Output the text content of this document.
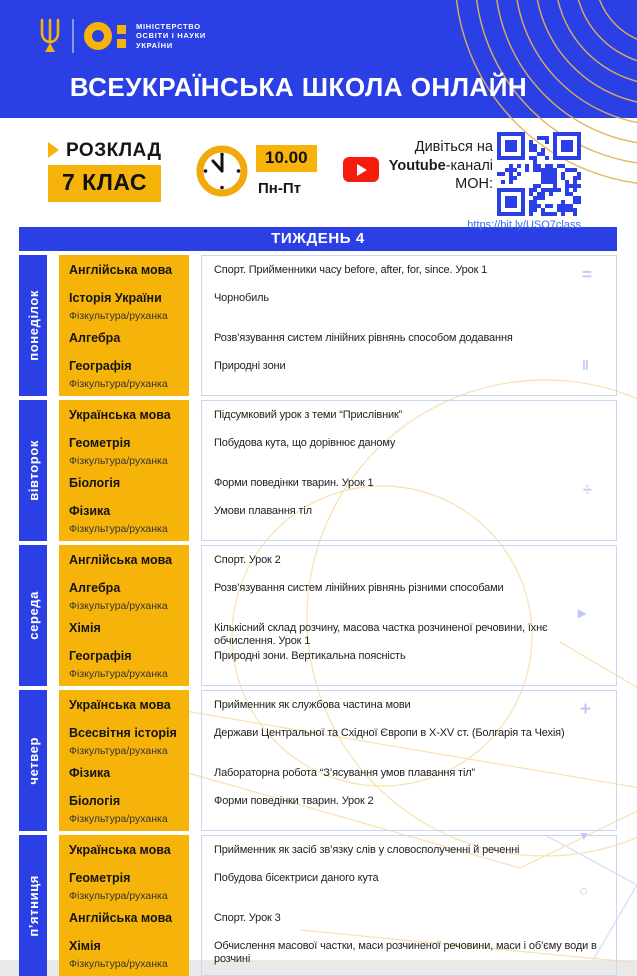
МІНІСТЕРСТВО
ОСВІТИ І НАУКИ
УКРАЇНИ
ВСЕУКРАЇНСЬКА ШКОЛА ОНЛАЙН
РОЗКЛАД
7 КЛАС
10.00
Пн-Пт
Дивіться на
Youtube-каналі
МОН:
https://bit.ly/USO7class
ТИЖДЕНЬ 4
понеділок
Англійська мова
Історія України
Фізкультура/руханка
Алгебра
Географія
Фізкультура/руханка
Спорт. Прийменники часу before, after, for, since. Урок 1
Чорнобиль
Розв’язування систем лінійних рівнянь способом додавання
Природні зони
вівторок
Українська мова
Геометрія
Фізкультура/руханка
Біологія
Фізика
Фізкультура/руханка
Підсумковий урок з теми “Прислівник”
Побудова кута, що дорівнює даному
Форми поведінки тварин. Урок 1
Умови плавання тіл
середа
Англійська мова
Алгебра
Фізкультура/руханка
Хімія
Географія
Фізкультура/руханка
Спорт. Урок 2
Розв’язування систем лінійних рівнянь різними способами
Кількісний склад розчину, масова частка розчиненої речовини, їхнє обчислення. Урок 1
Природні зони. Вертикальна поясність
четвер
Українська мова
Всесвітня історія
Фізкультура/руханка
Фізика
Біологія
Фізкультура/руханка
Прийменник як службова частина мови
Держави Центральної та Східної Європи в X-XV ст. (Болгарія та Чехія)
Лабораторна робота “З’ясування умов плавання тіл”
Форми поведінки тварин. Урок 2
п’ятниця
Українська мова
Геометрія
Фізкультура/руханка
Англійська мова
Хімія
Фізкультура/руханка
Прийменник як засіб зв’язку слів у словосполученні й реченні
Побудова бісектриси даного кута
Спорт. Урок 3
Обчислення масової частки, маси розчиненої речовини, маси і об’єму води в розчині
=
‖
÷
▸
+
▼
○
